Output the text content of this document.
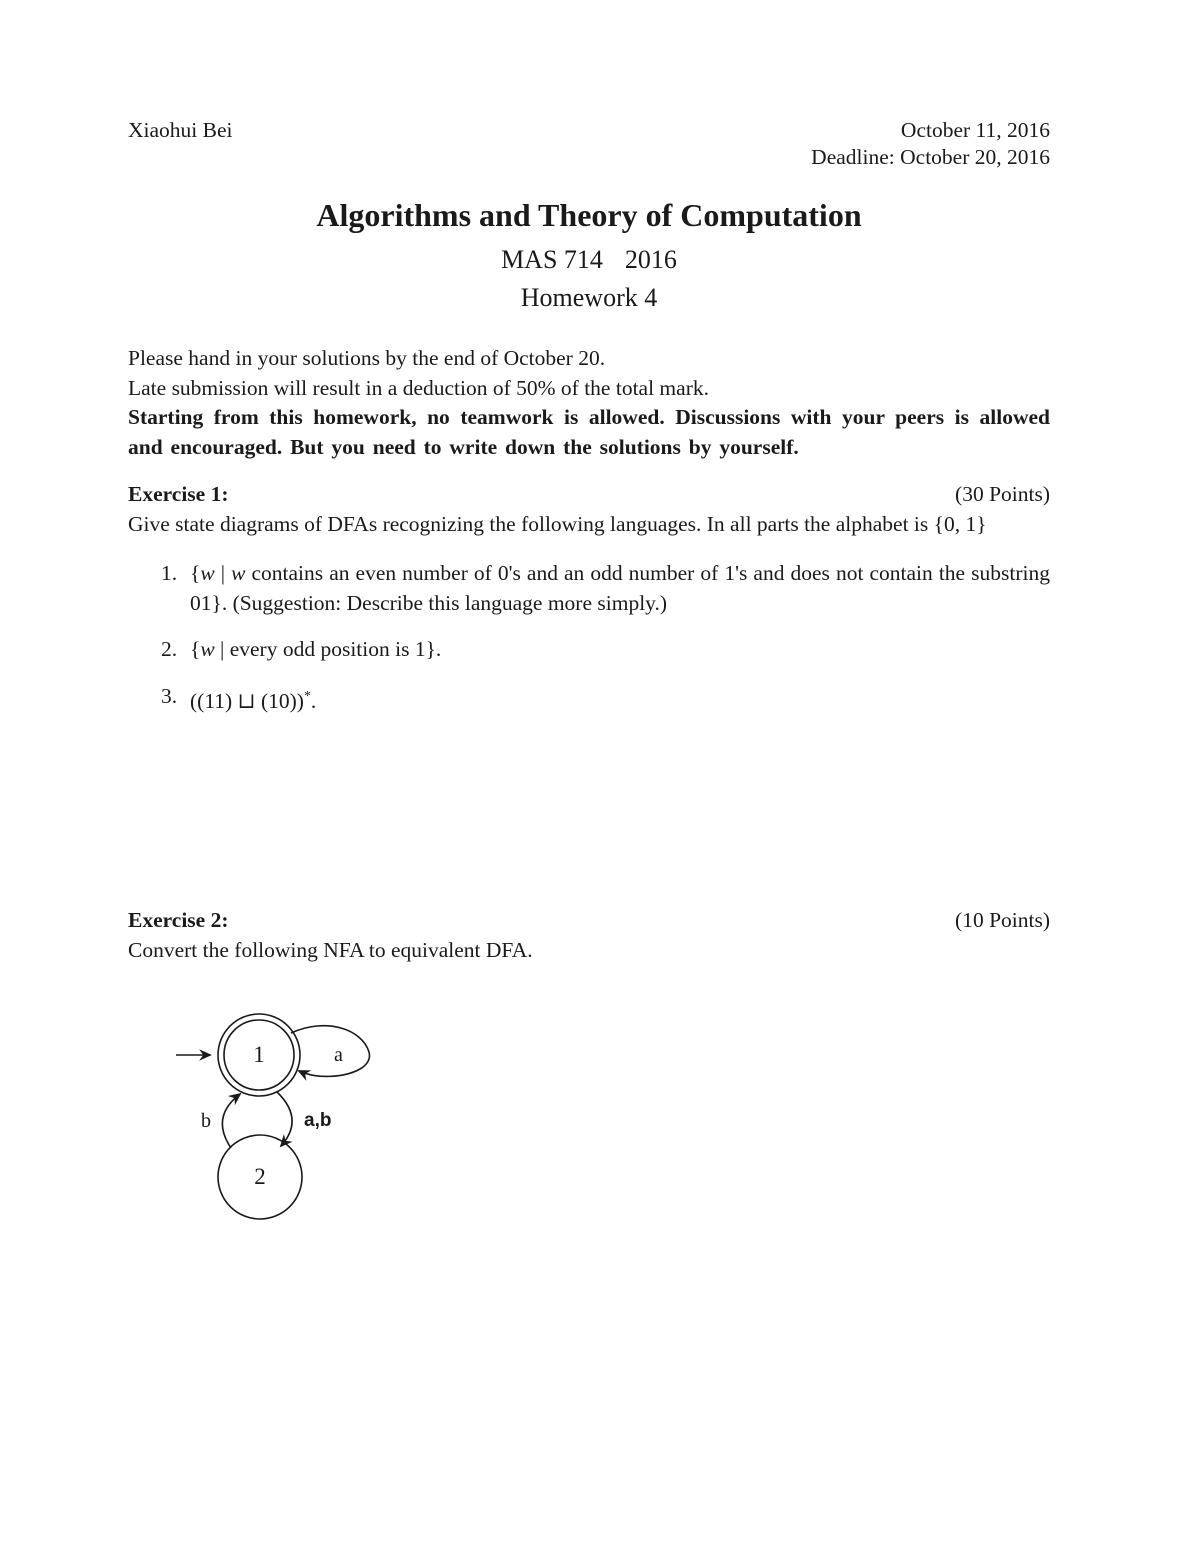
Xiaohui Bei	October 11, 2016
Deadline: October 20, 2016
Algorithms and Theory of Computation
MAS 714 2016
Homework 4
Please hand in your solutions by the end of October 20.
Late submission will result in a deduction of 50% of the total mark.
Starting from this homework, no teamwork is allowed. Discussions with your peers is allowed and encouraged. But you need to write down the solutions by yourself.
Exercise 1:	(30 Points)
Give state diagrams of DFAs recognizing the following languages. In all parts the alphabet is {0, 1}
1. {w | w contains an even number of 0's and an odd number of 1's and does not contain the substring 01}. (Suggestion: Describe this language more simply.)
2. {w | every odd position is 1}.
3. ((11) ⊔ (10))*.
Exercise 2:	(10 Points)
Convert the following NFA to equivalent DFA.
1	a
2
b	a,b
